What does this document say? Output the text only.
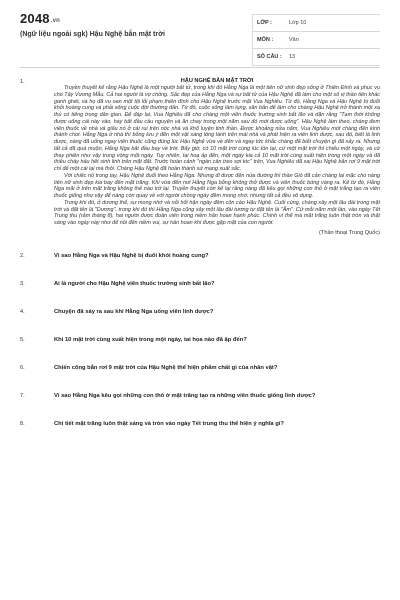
2048.vn
(Ngữ liệu ngoài sgk) Hậu Nghệ bắn mặt trời
LỚP :	Lớp 10
MÔN :	Văn
SỐ CÂU :	13
1.	HẬU NGHỆ BẮN MẶT TRỜI

Truyền thuyết kể rằng Hậu Nghệ là một người bắt tử, trong khi đó Hằng Nga là một tiên nữ xinh đẹp sống ở Thiên Đình và phục vụ cho Tây Vương Mẫu. Cả hai người là vợ chồng. Sắc đẹp của Hằng Nga và sự bất tử của Hậu Nghệ đã làm cho một số vị thần tiên khác ganh ghét, và họ đã vu oan một tội lỗi phạm thiên đình cho Hậu Nghệ trước mặt Vua Nghiêu. Từ đó, Hằng Nga và Hậu Nghệ bị đuổi khỏi hoàng cung và phải sống cuộc đời thường dân. Từ đó, cuộc sống làm lụng, săn bắn để làm cho chàng Hậu Nghệ trở thành một xạ thủ có tiếng trong dân gian. Để đáp lại, Vua Nghiêu đã cho chàng một viên thuốc trường sinh bất lão và dặn rằng "Tạm thời không được uống cái này vào, hay bất đầu cầu nguyện và ăn chay trong một năm sau đó mới được uống". Hậu Nghệ làm theo, chàng đem viên thuốc về nhà và giấu nó ở cái rui trên nóc nhà và khổ luyện tinh thần. Được khoảng nửa năm, Vua Nghiêu mới chàng đến kinh thành chơi. Hằng Nga ở nhà thì bỗng lưu ý đến một vật sáng lóng lánh trên mái nhà và phát hiện ra viên linh dược, sau đó, biết là linh dược, nàng đã uống ngay viên thuốc cũng đúng lúc Hậu Nghệ vừa về đến và ngay tức khắc chàng đã biết chuyện gì đã xảy ra. Nhưng tất cả đã quá muộn, Hằng Nga bắt đầu bay về trời. Bấy giờ, có 10 mặt trời cùng lúc tồn tại, cứ một mặt trời thì chiếu một ngày, và cứ thay phiên như vậy trong vòng một ngày. Tuy nhiên, tại hoạ áp đến, một ngày kia cả 10 mặt trời cùng xuất hiện trong một ngày và đã thiêu cháy hầu hết sinh linh trên mặt đất. Trước hoàn cảnh "ngàn cân treo sợi tóc" trên, Vua Nghiêu đã sai Hậu Nghệ bắn rơi 9 mặt trời chỉ để một cái lại mà thôi. Chàng Hậu Nghệ đã hoàn thành sứ mạng xuất sắc.

Với chiếc nỏ trong tay, Hậu Nghệ đuổi theo Hằng Nga. Nhưng đi được đến nửa đường thì thần Gió đã cản chàng lại mặc cho nàng tiên nữ xinh đẹp kia bay đến mặt trăng. Khi vừa đến nơi Hằng Nga bỗng không thở được và viên thuốc bóng vàng ra. Kể từ đó, Hằng Nga mãi ở trên mặt trăng không thể nào trở lại. Truyền thuyết còn kể lại rằng nàng đã kêu gọi những con thỏ ở mặt trăng tạo ra viên thuốc giống như vậy để nàng còn quay về với người chồng ngày đêm mong nhớ, nhưng tất cả đều vô dụng.

Trong khi đó, ở dương thế, sự mong nhớ và nỗi hối hận ngày đêm côn cào Hậu Nghệ. Cuối cùng, chàng xây một lâu đài trong mặt trời và đặt tên là "Dương", trong khi đó thì Hằng Nga cũng xây một lâu đài tương tự đặt tên là "Âm". Cứ mỗi năm một lần, vào ngày Tết Trung thu (rằm tháng 8), hai người được đoàn viên trong niềm hân hoan hạnh phúc. Chính vì thế mà mặt trăng luôn thật tròn và thật sáng vào ngày này như để nói đến niềm vui, sự hân hoan khi được gặp mặt của con người.

(Thần thoại Trung Quốc)
2.	Vì sao Hằng Nga và Hậu Nghệ bị đuổi khỏi hoàng cung?
3.	Ai là người cho Hậu Nghệ viên thuốc trường sinh bất lão?
4.	Chuyện đã xảy ra sau khi Hằng Nga uống viên linh dược?
5.	Khi 10 mặt trời cùng xuất hiện trong một ngày, tai họa nào đã ập đến?
6.	Chiến công bắn rơi 9 mặt trời của Hậu Nghệ thể hiện phẩm chất gì của nhân vật?
7.	Vì sao Hằng Nga kêu gọi những con thỏ ở mặt trăng tạo ra những viên thuốc giống linh dược?
8.	Chi tiết mặt trăng luôn thật sáng và tròn vào ngày Tết trung thu thể hiện ý nghĩa gì?
